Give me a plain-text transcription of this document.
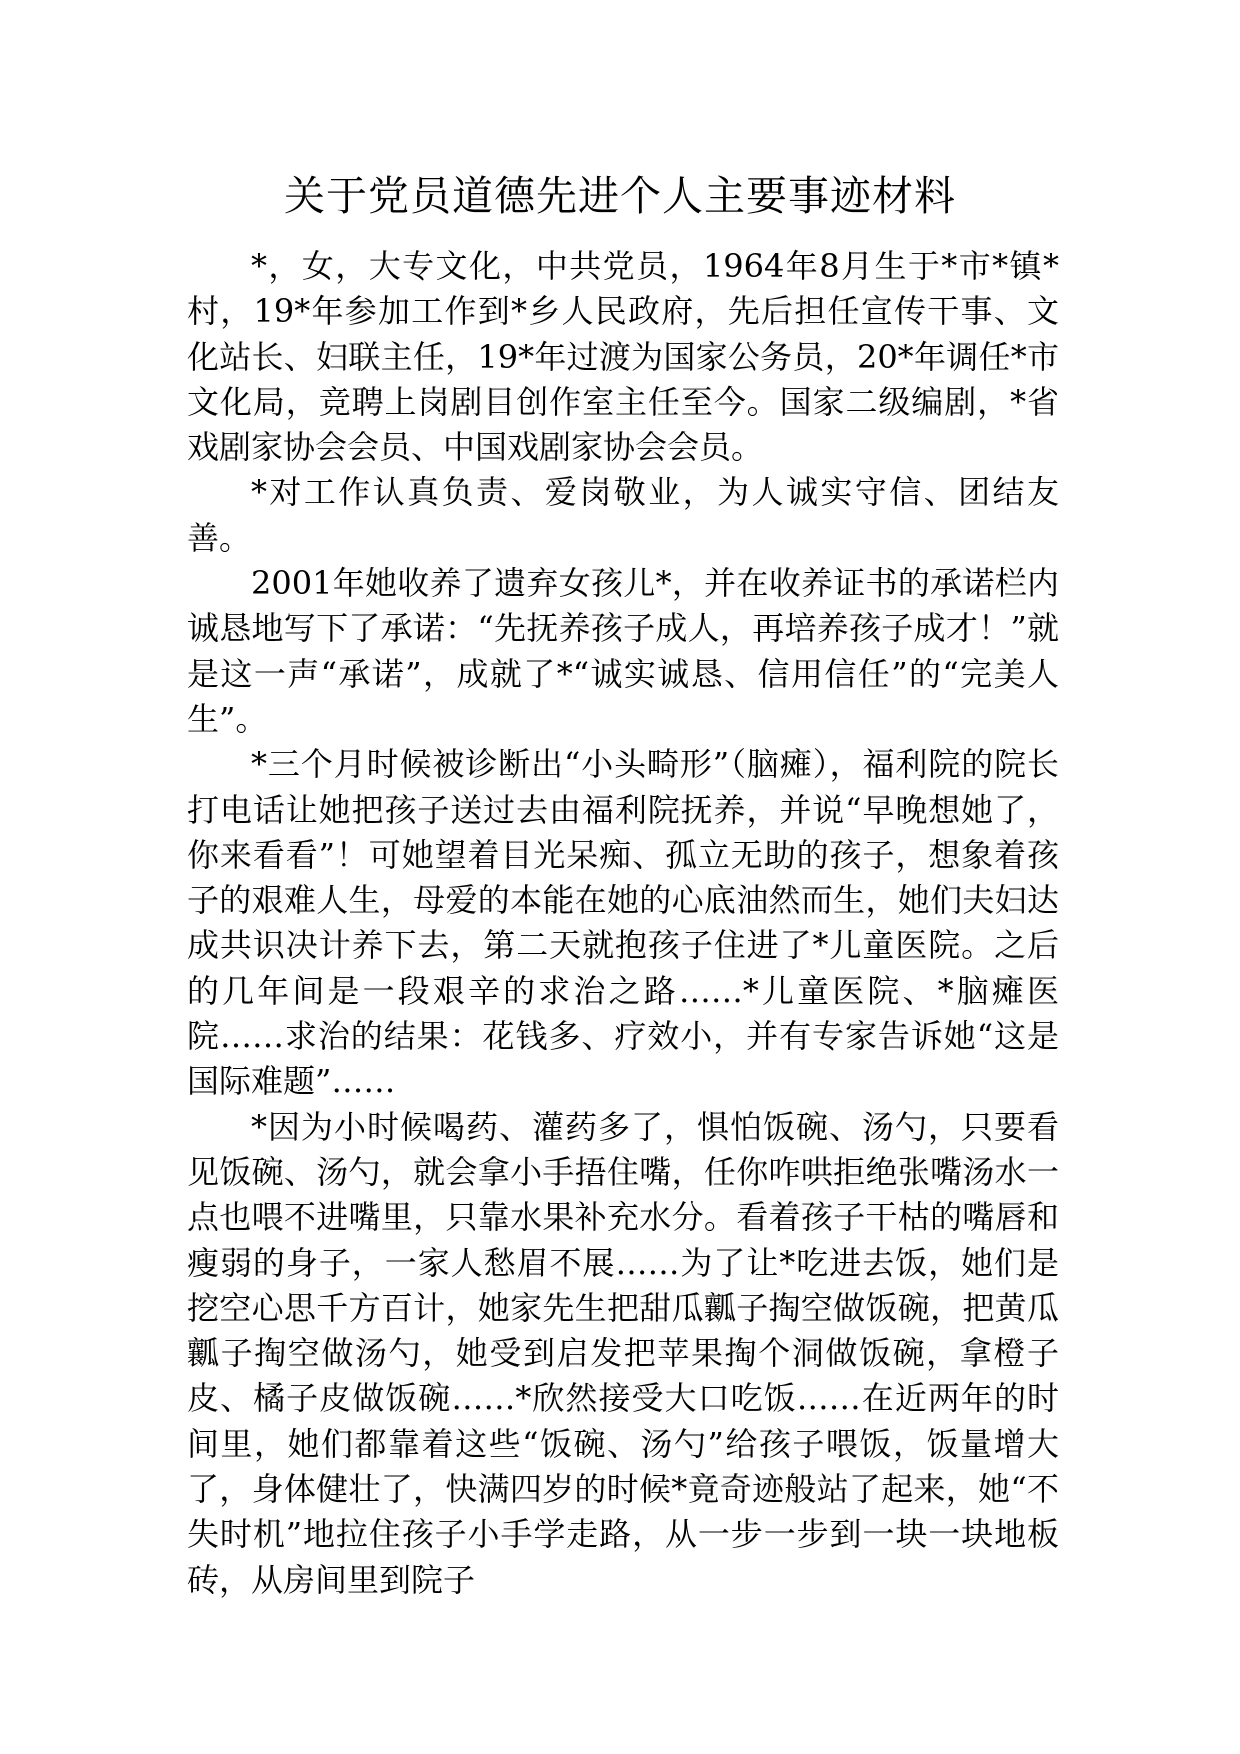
关于党员道德先进个人主要事迹材料

*，女，大专文化，中共党员，1964年8月生于*市*镇*村，19*年参加工作到*乡人民政府，先后担任宣传干事、文化站长、妇联主任，19*年过渡为国家公务员，20*年调任*市文化局，竞聘上岗剧目创作室主任至今。国家二级编剧，*省戏剧家协会会员、中国戏剧家协会会员。

*对工作认真负责、爱岗敬业，为人诚实守信、团结友善。

2001年她收养了遗弃女孩儿*，并在收养证书的承诺栏内诚恳地写下了承诺：“先抚养孩子成人，再培养孩子成才！”就是这一声“承诺”，成就了*“诚实诚恳、信用信任”的“完美人生”。

*三个月时候被诊断出“小头畸形”（脑瘫），福利院的院长打电话让她把孩子送过去由福利院抚养，并说“早晚想她了，你来看看”！可她望着目光呆痴、孤立无助的孩子，想象着孩子的艰难人生，母爱的本能在她的心底油然而生，她们夫妇达成共识决计养下去，第二天就抱孩子住进了*儿童医院。之后的几年间是一段艰辛的求治之路……*儿童医院、*脑瘫医院……求治的结果：花钱多、疗效小，并有专家告诉她“这是国际难题”……

*因为小时候喝药、灌药多了，惧怕饭碗、汤勺，只要看见饭碗、汤勺，就会拿小手捂住嘴，任你咋哄拒绝张嘴汤水一点也喂不进嘴里，只靠水果补充水分。看着孩子干枯的嘴唇和瘦弱的身子，一家人愁眉不展……为了让*吃进去饭，她们是挖空心思千方百计，她家先生把甜瓜瓤子掏空做饭碗，把黄瓜瓤子掏空做汤勺，她受到启发把苹果掏个洞做饭碗，拿橙子皮、橘子皮做饭碗……*欣然接受大口吃饭……在近两年的时间里，她们都靠着这些“饭碗、汤勺”给孩子喂饭，饭量增大了，身体健壮了，快满四岁的时候*竟奇迹般站了起来，她“不失时机”地拉住孩子小手学走路，从一步一步到一块一块地板砖，从房间里到院子
